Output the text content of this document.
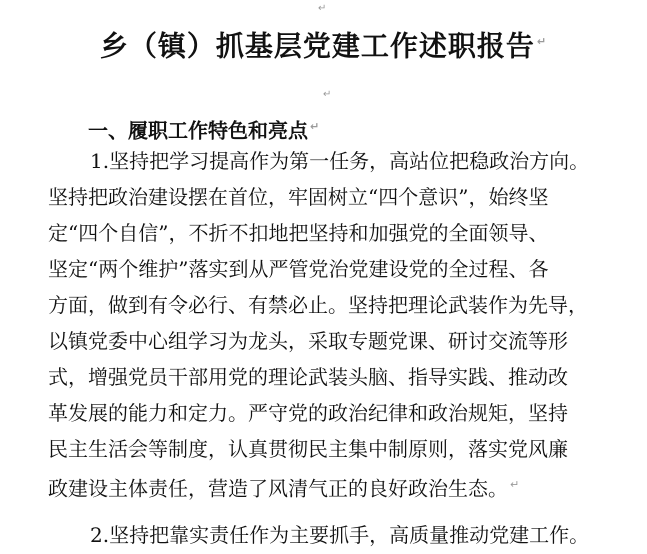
↵
乡（镇）抓基层党建工作述职报告 ↵
↵
一、履职工作特色和亮点 ↵
1.坚持把学习提高作为第一任务，高站位把稳政治方向。
坚持把政治建设摆在首位，牢固树立“四个意识”，始终坚
定“四个自信”，不折不扣地把坚持和加强党的全面领导、
坚定“两个维护”落实到从严管党治党建设党的全过程、各
方面，做到有令必行、有禁必止。坚持把理论武装作为先导，
以镇党委中心组学习为龙头，采取专题党课、研讨交流等形
式，增强党员干部用党的理论武装头脑、指导实践、推动改
革发展的能力和定力。严守党的政治纪律和政治规矩，坚持
民主生活会等制度，认真贯彻民主集中制原则，落实党风廉
政建设主体责任，营造了风清气正的良好政治生态。 ↵
2.坚持把靠实责任作为主要抓手，高质量推动党建工作。
